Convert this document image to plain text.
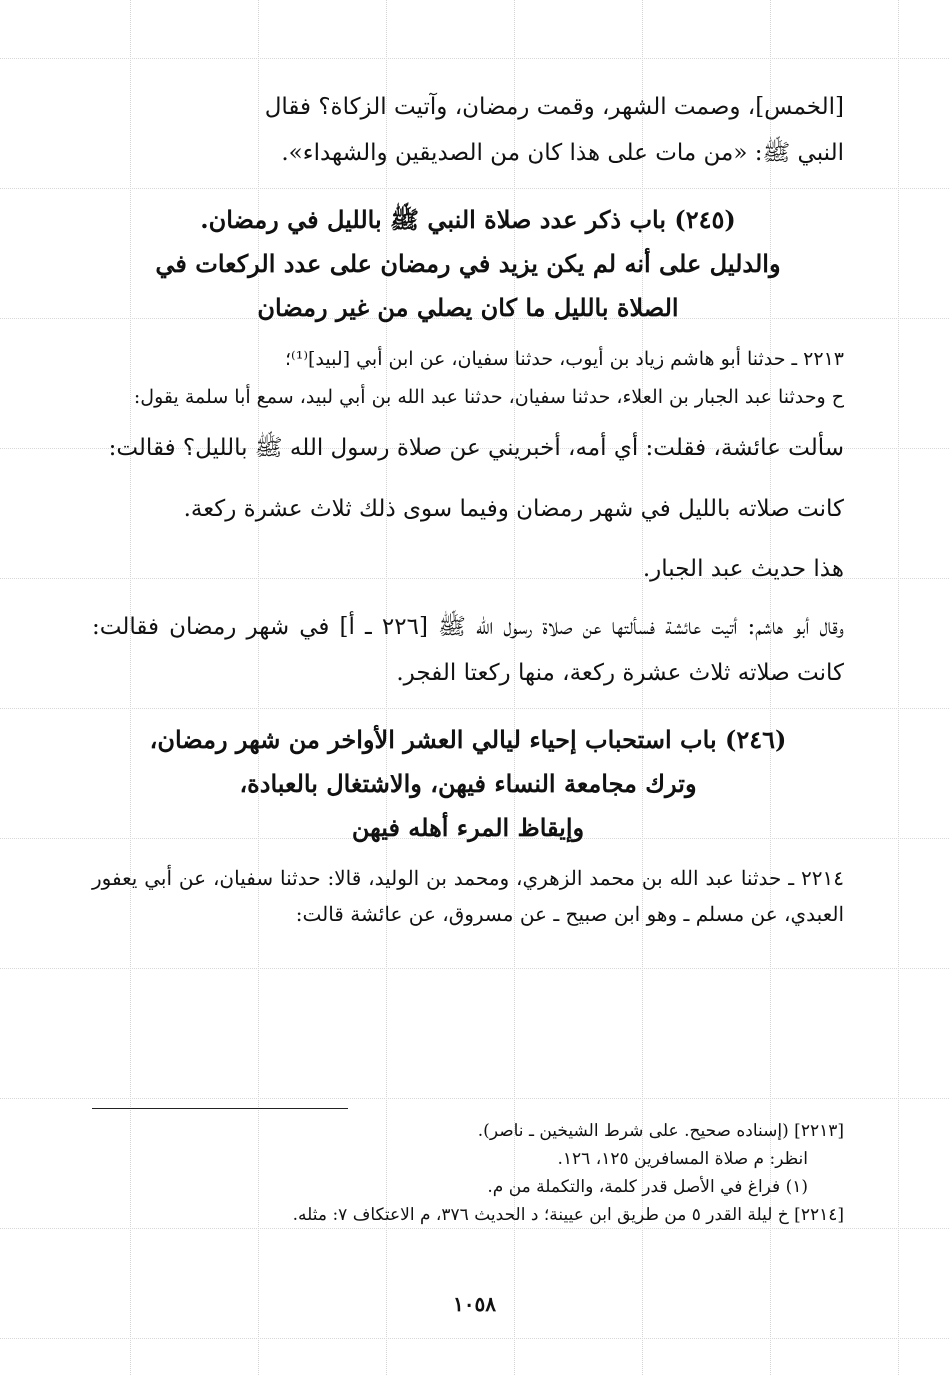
[الخمس]، وصمت الشهر، وقمت رمضان، وآتيت الزكاة؟ فقال

النبي ﷺ: «من مات على هذا كان من الصديقين والشهداء».

(٢٤٥) باب ذكر عدد صلاة النبي ﷺ بالليل في رمضان.

والدليل على أنه لم يكن يزيد في رمضان على عدد الركعات في

الصلاة بالليل ما كان يصلي من غير رمضان

٢٢١٣ ـ حدثنا أبو هاشم زياد بن أيوب، حدثنا سفيان، عن ابن أبي [لبيد]⁽¹⁾؛

ح وحدثنا عبد الجبار بن العلاء، حدثنا سفيان، حدثنا عبد الله بن أبي لبيد، سمع أبا سلمة يقول:

سألت عائشة، فقلت: أي أمه، أخبريني عن صلاة رسول الله ﷺ بالليل؟ فقالت:

كانت صلاته بالليل في شهر رمضان وفيما سوى ذلك ثلاث عشرة ركعة.

هذا حديث عبد الجبار.

وقال أبو هاشم: أتيت عائشة فسألتها عن صلاة رسول الله ﷺ [٢٢٦ ـ أ] في شهر رمضان فقالت: كانت صلاته ثلاث عشرة ركعة، منها ركعتا الفجر.

(٢٤٦) باب استحباب إحياء ليالي العشر الأواخر من شهر رمضان،

وترك مجامعة النساء فيهن، والاشتغال بالعبادة،

وإيقاظ المرء أهله فيهن

٢٢١٤ ـ حدثنا عبد الله بن محمد الزهري، ومحمد بن الوليد، قالا: حدثنا سفيان، عن أبي يعفور العبدي، عن مسلم ـ وهو ابن صبيح ـ عن مسروق، عن عائشة قالت:

[٢٢١٣] (إسناده صحيح. على شرط الشيخين ـ ناصر).

انظر: م صلاة المسافرين ١٢٥، ١٢٦.

(١) فراغ في الأصل قدر كلمة، والتكملة من م.

[٢٢١٤] خ ليلة القدر ٥ من طريق ابن عيينة؛ د الحديث ٣٧٦، م الاعتكاف ٧: مثله.

١٠٥٨
